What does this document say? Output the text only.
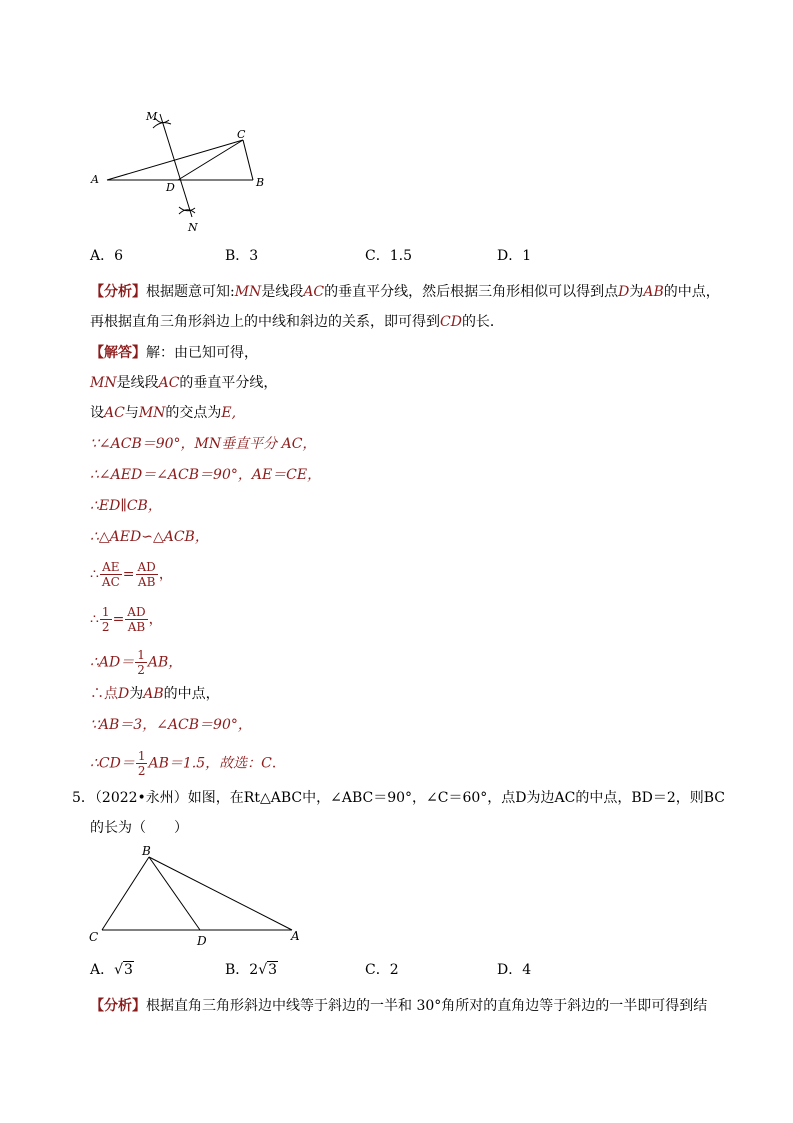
M
C
A
D	B
N
A．6	B．3	C．1.5	D．1
【分析】根据题意可知:MN是线段AC的垂直平分线，然后根据三角形相似可以得到点D为AB的中点，
再根据直角三角形斜边上的中线和斜边的关系，即可得到CD的长．
【解答】解：由已知可得，
MN是线段AC的垂直平分线，
设AC与MN的交点为E,
∵∠ACB＝90°，MN垂直平分 AC，
∴∠AED＝∠ACB＝90°，AE＝CE，
∴ED∥CB，
∴△AED∽△ACB，
∴ $\frac{AE}{AC} = \frac{AD}{AB}$ ，
∴ $\frac{1}{2} = \frac{AD}{AB}$ ，
∴AD＝ $\frac{1}{2}$ AB，
∴点D为AB的中点，
∵AB＝3，∠ACB＝90°，
∴CD＝ $\frac{1}{2} AB=1.5$，故选：C．
5．（2022•永州）如图，在Rt△ABC中，∠ABC＝90°，∠C＝60°，点D为边AC的中点，BD＝2，则BC
的长为（　　）
B
C	D	A
A．√3	B．2√3	C．2	D．4
【分析】根据直角三角形斜边中线等于斜边的一半和 30°角所对的直角边等于斜边的一半即可得到结
